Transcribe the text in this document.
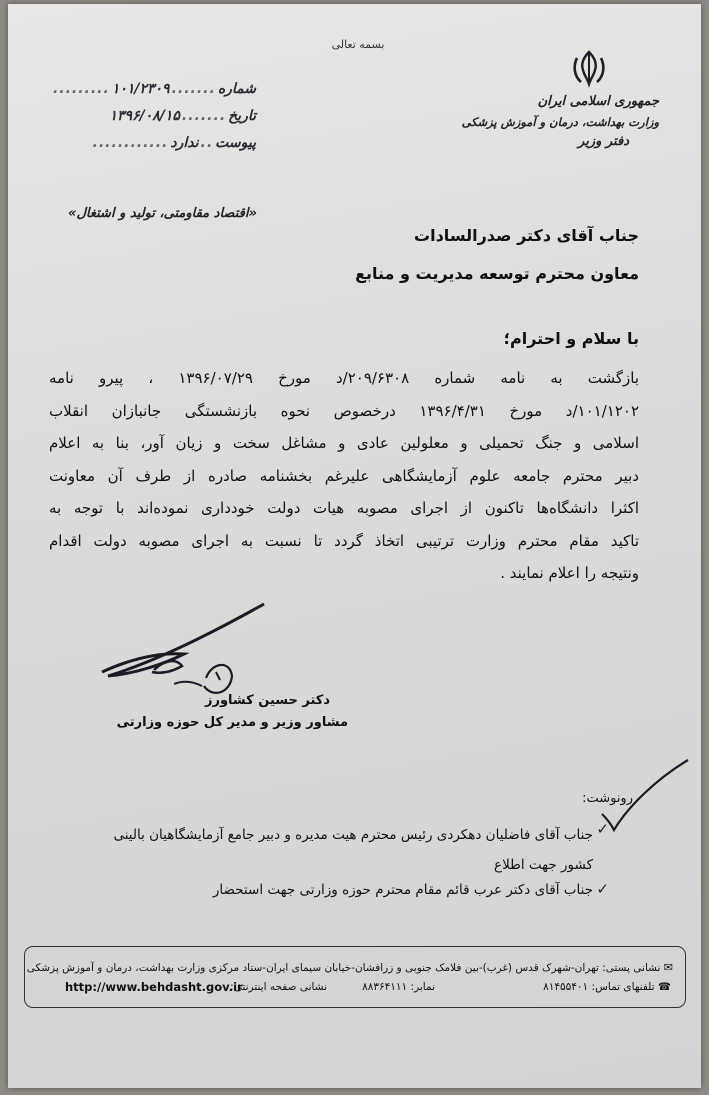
بسمه تعالی
جمهوری اسلامی ایران
وزارت بهداشت، درمان و آموزش پزشکی
دفتر وزیر
شماره
.......
۱۰۱/۲۳۰۹
.........
تاریخ
.......
۱۳۹۶/۰۸/۱۵
پیوست
..
ندارد
............
«اقتصاد مقاومتی، تولید و اشتغال»
جناب آقای دکتر صدرالسادات
معاون محترم توسعه مدیریت و منابع
با سلام و احترام؛
بازگشت به نامه شماره ۲۰۹/۶۳۰۸/د مورخ ۱۳۹۶/۰۷/۲۹ ، پیرو نامه
۱۰۱/۱۲۰۲/د مورخ ۱۳۹۶/۴/۳۱ درخصوص نحوه بازنشستگی جانبازان انقلاب
اسلامی و جنگ تحمیلی و معلولین عادی و مشاغل سخت و زیان آور، بنا به اعلام
دبیر محترم جامعه علوم آزمایشگاهی علیرغم بخشنامه صادره از طرف آن معاونت
اکثرا دانشگاه‌ها تاکنون از اجرای مصوبه هیات دولت خودداری نموده‌اند با توجه به
تاکید مقام محترم وزارت ترتیبی اتخاذ گردد تا نسبت به اجرای مصوبه دولت اقدام
ونتیجه را اعلام نمایند .
دکتر حسین کشاورز
مشاور وزیر و مدیر کل حوزه وزارتی
رونوشت:
✓
جناب آقای فاضلیان دهکردی رئیس محترم هیت مدیره و دبیر جامع آزمایشگاهیان بالینی
کشور جهت اطلاع
✓
جناب آقای دکتر عرب قائم مقام محترم حوزه وزارتی جهت استحضار
✉ نشانی پستی: تهران-شهرک قدس (غرب)-بین فلامک جنوبی و زرافشان-خیابان سیمای ایران-ستاد مرکزی وزارت بهداشت، درمان و آموزش پزشکی
☎ تلفنهای تماس: ۸۱۴۵۵۴۰۱
نمابر: ۸۸۳۶۴۱۱۱
نشانی صفحه اینترنتی:
http://www.behdasht.gov.ir
